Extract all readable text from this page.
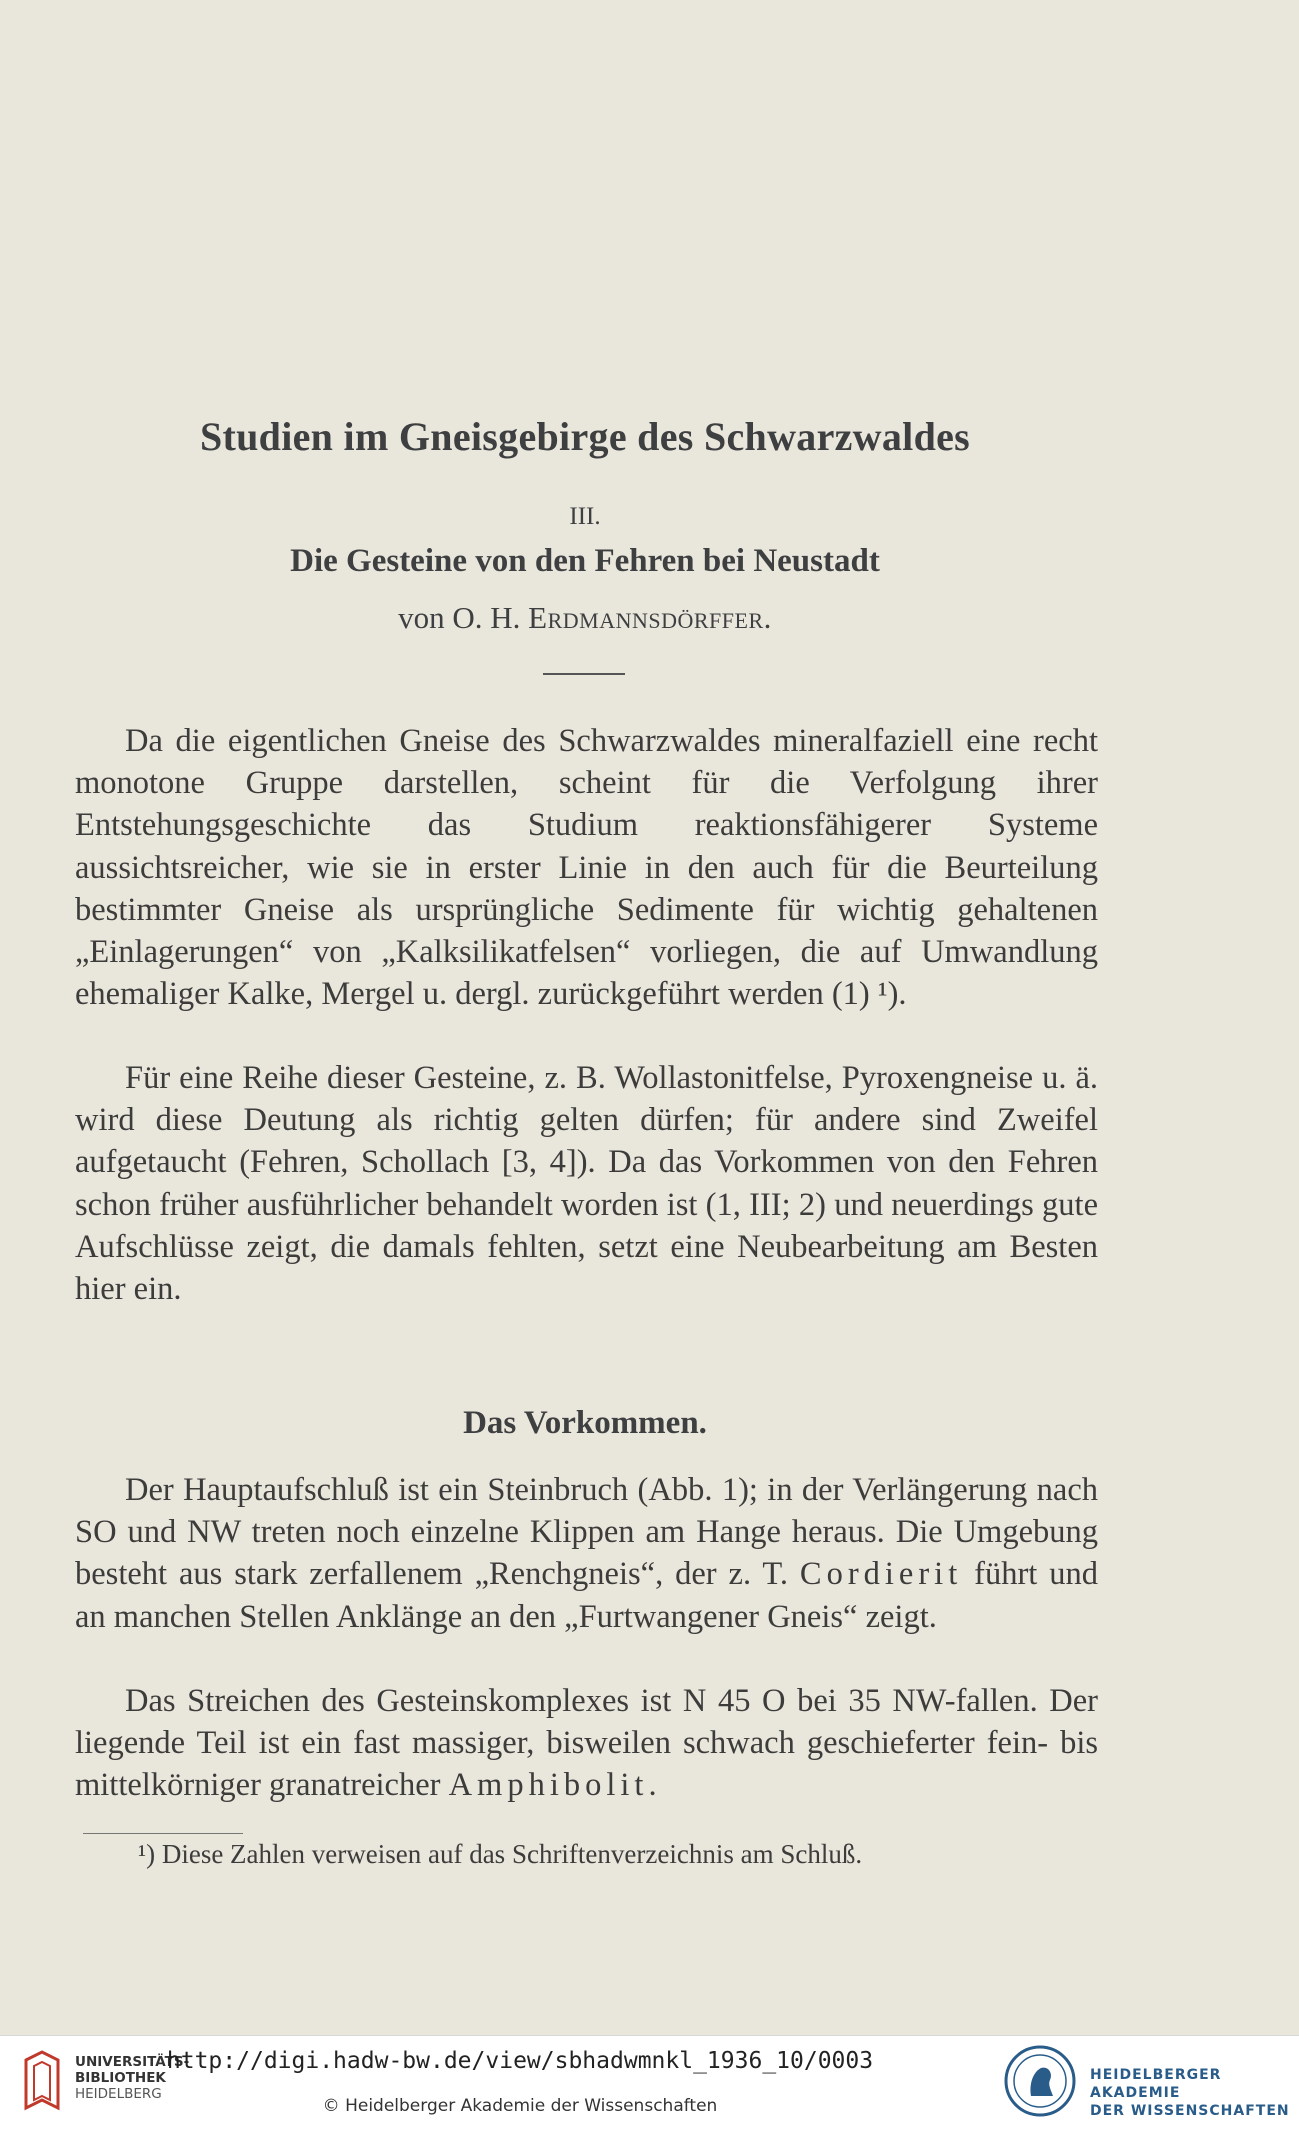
Studien im Gneisgebirge des Schwarzwaldes
III.
Die Gesteine von den Fehren bei Neustadt
von O. H. Erdmannsdörffer.

Da die eigentlichen Gneise des Schwarzwaldes mineralfaziell eine recht monotone Gruppe darstellen, scheint für die Verfolgung ihrer Entstehungsgeschichte das Studium reaktionsfähigerer Systeme aussichtsreicher, wie sie in erster Linie in den auch für die Beurteilung bestimmter Gneise als ursprüngliche Sedimente für wichtig gehaltenen „Einlagerungen“ von „Kalksilikatfelsen“ vorliegen, die auf Umwandlung ehemaliger Kalke, Mergel u. dergl. zurückgeführt werden (1) ¹).

Für eine Reihe dieser Gesteine, z. B. Wollastonitfelse, Pyroxengneise u. ä. wird diese Deutung als richtig gelten dürfen; für andere sind Zweifel aufgetaucht (Fehren, Schollach [3, 4]). Da das Vorkommen von den Fehren schon früher ausführlicher behandelt worden ist (1, III; 2) und neuerdings gute Aufschlüsse zeigt, die damals fehlten, setzt eine Neubearbeitung am Besten hier ein.

Das Vorkommen.

Der Hauptaufschluß ist ein Steinbruch (Abb. 1); in der Verlängerung nach SO und NW treten noch einzelne Klippen am Hange heraus. Die Umgebung besteht aus stark zerfallenem „Renchgneis“, der z. T. Cordierit führt und an manchen Stellen Anklänge an den „Furtwangener Gneis“ zeigt.

Das Streichen des Gesteinskomplexes ist N 45 O bei 35 NW-fallen. Der liegende Teil ist ein fast massiger, bisweilen schwach geschieferter fein- bis mittelkörniger granatreicher Amphibolit.

¹) Diese Zahlen verweisen auf das Schriftenverzeichnis am Schluß.
UNIVERSITÄTS-
BIBLIOTHEK
HEIDELBERG
http://digi.hadw-bw.de/view/sbhadwmnkl_1936_10/0003
© Heidelberger Akademie der Wissenschaften
HEIDELBERGER AKADEMIE
DER WISSENSCHAFTEN
